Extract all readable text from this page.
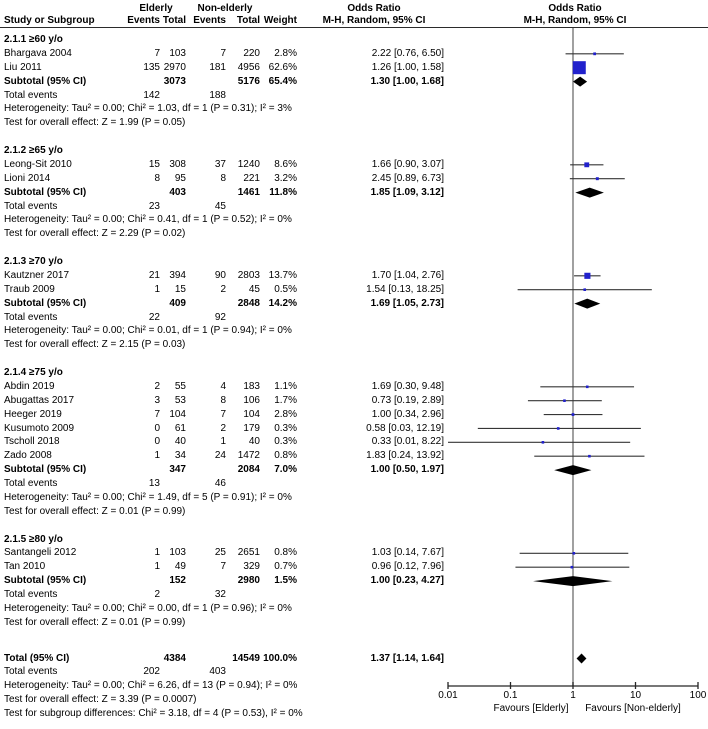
Elderly	Non-elderly	Odds Ratio	Odds Ratio
Study or Subgroup	Events Total Events	Total Weight	M-H, Random, 95% CI	M-H, Random, 95% CI
2.1.1 ≥60 y/o
Bhargava 2004	7 103	7	220	2.8%	2.22 [0.76, 6.50]
Liu 2011	135 2970	181	4956 62.6%	1.26 [1.00, 1.58]
Subtotal (95% CI)	3073	5176 65.4%	1.30 [1.00, 1.68]
Total events	142	188
Heterogeneity: Tau² = 0.00; Chi² = 1.03, df = 1 (P = 0.31); I² = 3%
Test for overall effect: Z = 1.99 (P = 0.05)
2.1.2 ≥65 y/o
Leong-Sit 2010	15 308	37	1240	8.6%	1.66 [0.90, 3.07]
Lioni 2014	8	95	8	221	3.2%	2.45 [0.89, 6.73]
Subtotal (95% CI)	403	1461 11.8%	1.85 [1.09, 3.12]
Total events	23	45
Heterogeneity: Tau² = 0.00; Chi² = 0.41, df = 1 (P = 0.52); I² = 0%
Test for overall effect: Z = 2.29 (P = 0.02)
2.1.3 ≥70 y/o
Kautzner 2017	21 394	90	2803 13.7%	1.70 [1.04, 2.76]
Traub 2009	1	15	2	45	0.5%	1.54 [0.13, 18.25]
Subtotal (95% CI)	409	2848 14.2%	1.69 [1.05, 2.73]
Total events	22	92
Heterogeneity: Tau² = 0.00; Chi² = 0.01, df = 1 (P = 0.94); I² = 0%
Test for overall effect: Z = 2.15 (P = 0.03)
2.1.4 ≥75 y/o
Abdin 2019	2	55	4	183	1.1%	1.69 [0.30, 9.48]
Abugattas 2017	3	53	8	106	1.7%	0.73 [0.19, 2.89]
Heeger 2019	7 104	7	104	2.8%	1.00 [0.34, 2.96]
Kusumoto 2009	0	61	2	179	0.3%	0.58 [0.03, 12.19]
Tscholl 2018	0	40	1	40	0.3%	0.33 [0.01, 8.22]
Zado 2008	1	34	24	1472	0.8%	1.83 [0.24, 13.92]
Subtotal (95% CI)	347	2084	7.0%	1.00 [0.50, 1.97]
Total events	13	46
Heterogeneity: Tau² = 0.00; Chi² = 1.49, df = 5 (P = 0.91); I² = 0%
Test for overall effect: Z = 0.01 (P = 0.99)
2.1.5 ≥80 y/o
Santangeli 2012	1 103	25	2651	0.8%	1.03 [0.14, 7.67]
Tan 2010	1	49	7	329	0.7%	0.96 [0.12, 7.96]
Subtotal (95% CI)	152	2980	1.5%	1.00 [0.23, 4.27]
Total events	2	32
Heterogeneity: Tau² = 0.00; Chi² = 0.00, df = 1 (P = 0.96); I² = 0%
Test for overall effect: Z = 0.01 (P = 0.99)
Total (95% CI)	4384	14549 100.0%	1.37 [1.14, 1.64]
Total events	202	403
Heterogeneity: Tau² = 0.00; Chi² = 6.26, df = 13 (P = 0.94); I² = 0%
Test for overall effect: Z = 3.39 (P = 0.0007)
Test for subgroup differences: Chi² = 3.18, df = 4 (P = 0.53), I² = 0%
0.01	0.1	1	10	100
Favours [Elderly]	Favours [Non-elderly]
